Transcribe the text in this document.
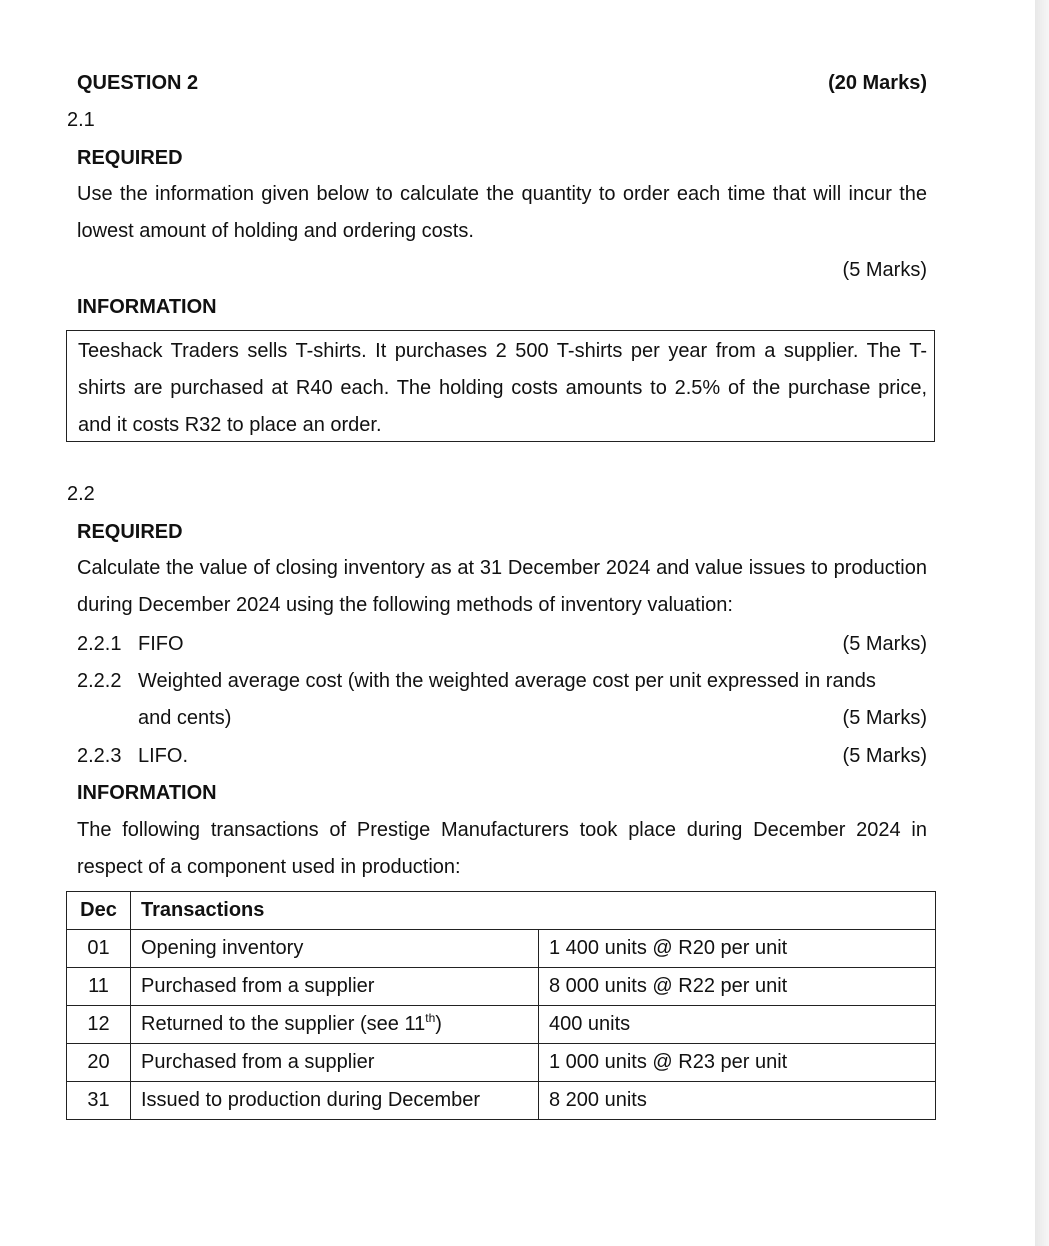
QUESTION 2	(20 Marks)
2.1
REQUIRED
Use the information given below to calculate the quantity to order each time that will incur the lowest amount of holding and ordering costs.
(5 Marks)
INFORMATION
Teeshack Traders sells T-shirts. It purchases 2 500 T-shirts per year from a supplier. The T-shirts are purchased at R40 each. The holding costs amounts to 2.5% of the purchase price, and it costs R32 to place an order.
2.2
REQUIRED
Calculate the value of closing inventory as at 31 December 2024 and value issues to production during December 2024 using the following methods of inventory valuation:
2.2.1 FIFO	(5 Marks)
2.2.2 Weighted average cost (with the weighted average cost per unit expressed in rands
and cents)	(5 Marks)
2.2.3 LIFO.	(5 Marks)
INFORMATION
The following transactions of Prestige Manufacturers took place during December 2024 in respect of a component used in production:
Dec	Transactions	
01	Opening inventory	1 400 units @ R20 per unit
11	Purchased from a supplier	8 000 units @ R22 per unit
12	Returned to the supplier (see 11th)	400 units
20	Purchased from a supplier	1 000 units @ R23 per unit
31	Issued to production during December	8 200 units
